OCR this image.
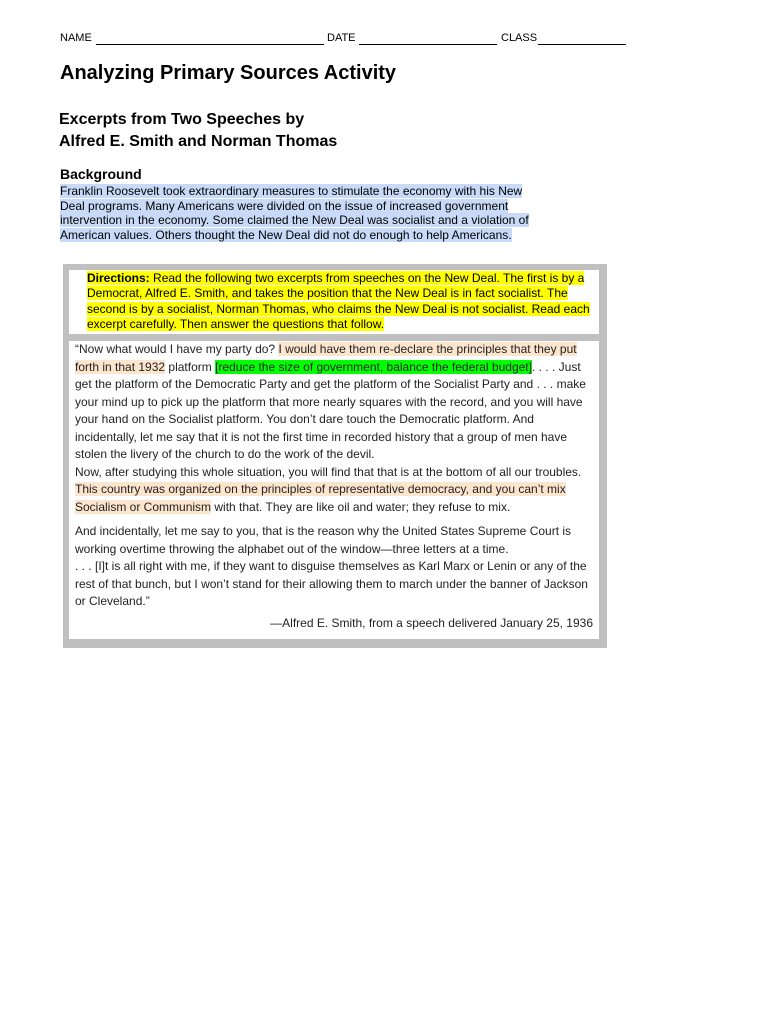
NAME	DATE	CLASS
Analyzing Primary Sources Activity
Excerpts from Two Speeches by
Alfred E. Smith and Norman Thomas
Background
Franklin Roosevelt took extraordinary measures to stimulate the economy with his New Deal programs. Many Americans were divided on the issue of increased government intervention in the economy. Some claimed the New Deal was socialist and a violation of American values. Others thought the New Deal did not do enough to help Americans.
Directions: Read the following two excerpts from speeches on the New Deal. The first is by a Democrat, Alfred E. Smith, and takes the position that the New Deal is in fact socialist. The second is by a socialist, Norman Thomas, who claims the New Deal is not socialist. Read each excerpt carefully. Then answer the questions that follow.

“Now what would I have my party do? I would have them re-declare the principles that they put forth in that 1932 platform [reduce the size of government, balance the federal budget]. . . . Just get the platform of the Democratic Party and get the platform of the Socialist Party and . . . make your mind up to pick up the platform that more nearly squares with the record, and you will have your hand on the Socialist platform. You don’t dare touch the Democratic platform. And incidentally, let me say that it is not the first time in recorded history that a group of men have stolen the livery of the church to do the work of the devil.

Now, after studying this whole situation, you will find that that is at the bottom of all our troubles. This country was organized on the principles of representative democracy, and you can’t mix Socialism or Communism with that. They are like oil and water; they refuse to mix.

And incidentally, let me say to you, that is the reason why the United States Supreme Court is working overtime throwing the alphabet out of the window—three letters at a time.

. . . [I]t is all right with me, if they want to disguise themselves as Karl Marx or Lenin or any of the rest of that bunch, but I won’t stand for their allowing them to march under the banner of Jackson or Cleveland.”

—Alfred E. Smith, from a speech delivered January 25, 1936
